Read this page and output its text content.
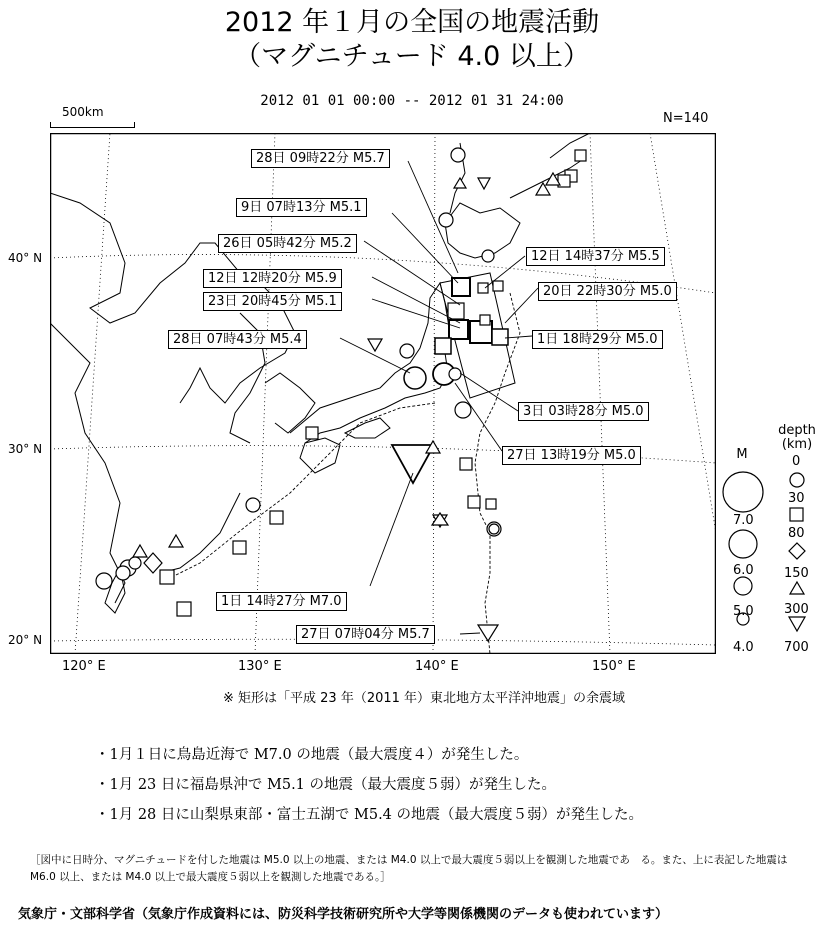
2012 年１月の全国の地震活動
（マグニチュード 4.0 以上）
2012 01 01 00:00 -- 2012 01 31 24:00
N=140
500km
40° N
30° N
20° N
120° E	130° E	140° E	150° E
28日 09時22分 M5.7
9日 07時13分 M5.1
26日 05時42分 M5.2
12日 12時20分 M5.9
23日 20時45分 M5.1
28日 07時43分 M5.4
12日 14時37分 M5.5
20日 22時30分 M5.0
1日 18時29分 M5.0
3日 03時28分 M5.0
27日 13時19分 M5.0
1日 14時27分 M7.0
27日 07時04分 M5.7
M
depth
(km)
7.0
6.0
5.0
4.0
0
30
80
150
300
700
※ 矩形は「平成 23 年（2011 年）東北地方太平洋沖地震」の余震域
・1月１日に鳥島近海で M7.0 の地震（最大震度４）が発生した。
・1月 23 日に福島県沖で M5.1 の地震（最大震度５弱）が発生した。
・1月 28 日に山梨県東部・富士五湖で M5.4 の地震（最大震度５弱）が発生した。
［図中に日時分、マグニチュードを付した地震は M5.0 以上の地震、または M4.0 以上で最大震度５弱以上を観測した地震であ　る。また、上に表記した地震は M6.0 以上、または M4.0 以上で最大震度５弱以上を観測した地震である。］
気象庁・文部科学省（気象庁作成資料には、防災科学技術研究所や大学等関係機関のデータも使われています）
